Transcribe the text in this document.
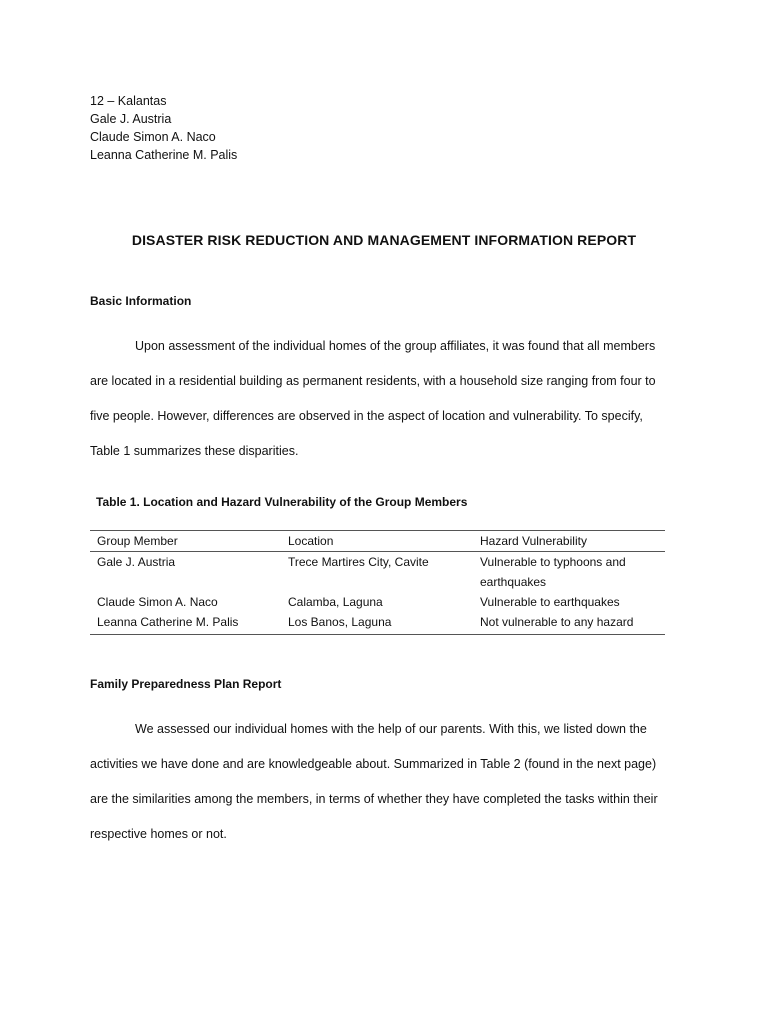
12 – Kalantas
Gale J. Austria
Claude Simon A. Naco
Leanna Catherine M. Palis
DISASTER RISK REDUCTION AND MANAGEMENT INFORMATION REPORT
Basic Information
Upon assessment of the individual homes of the group affiliates, it was found that all members
are located in a residential building as permanent residents, with a household size ranging from four to
five people. However, differences are observed in the aspect of location and vulnerability. To specify,
Table 1 summarizes these disparities.
Table 1. Location and Hazard Vulnerability of the Group Members
Group Member	Location	Hazard Vulnerability
Gale J. Austria	Trece Martires City, Cavite	Vulnerable to typhoons and earthquakes
Claude Simon A. Naco	Calamba, Laguna	Vulnerable to earthquakes
Leanna Catherine M. Palis	Los Banos, Laguna	Not vulnerable to any hazard
Family Preparedness Plan Report
We assessed our individual homes with the help of our parents. With this, we listed down the
activities we have done and are knowledgeable about. Summarized in Table 2 (found in the next page)
are the similarities among the members, in terms of whether they have completed the tasks within their
respective homes or not.
